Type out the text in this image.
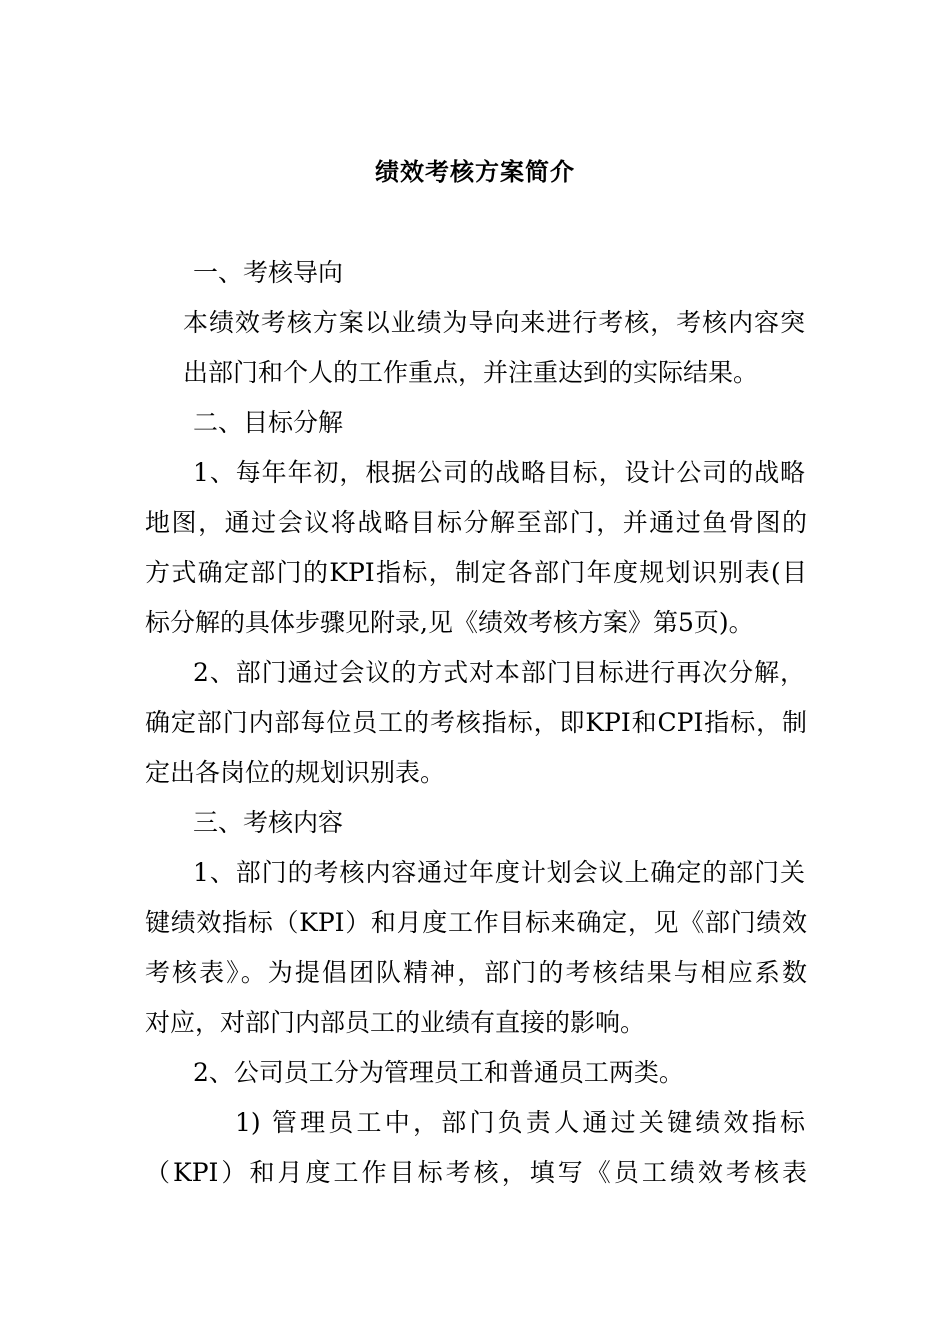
绩效考核方案简介
一、考核导向
本绩效考核方案以业绩为导向来进行考核，考核内容突
出部门和个人的工作重点，并注重达到的实际结果。
二、目标分解
1、每年年初，根据公司的战略目标，设计公司的战略
地图，通过会议将战略目标分解至部门，并通过鱼骨图的
方式确定部门的KPI指标，制定各部门年度规划识别表(目
标分解的具体步骤见附录,见《绩效考核方案》第5页)。
2、部门通过会议的方式对本部门目标进行再次分解，
确定部门内部每位员工的考核指标，即KPI和CPI指标，制
定出各岗位的规划识别表。
三、考核内容
1、部门的考核内容通过年度计划会议上确定的部门关
键绩效指标（KPI）和月度工作目标来确定，见《部门绩效
考核表》。为提倡团队精神，部门的考核结果与相应系数
对应，对部门内部员工的业绩有直接的影响。
2、公司员工分为管理员工和普通员工两类。
1) 管理员工中，部门负责人通过关键绩效指标
（KPI）和月度工作目标考核，填写《员工绩效考核表
